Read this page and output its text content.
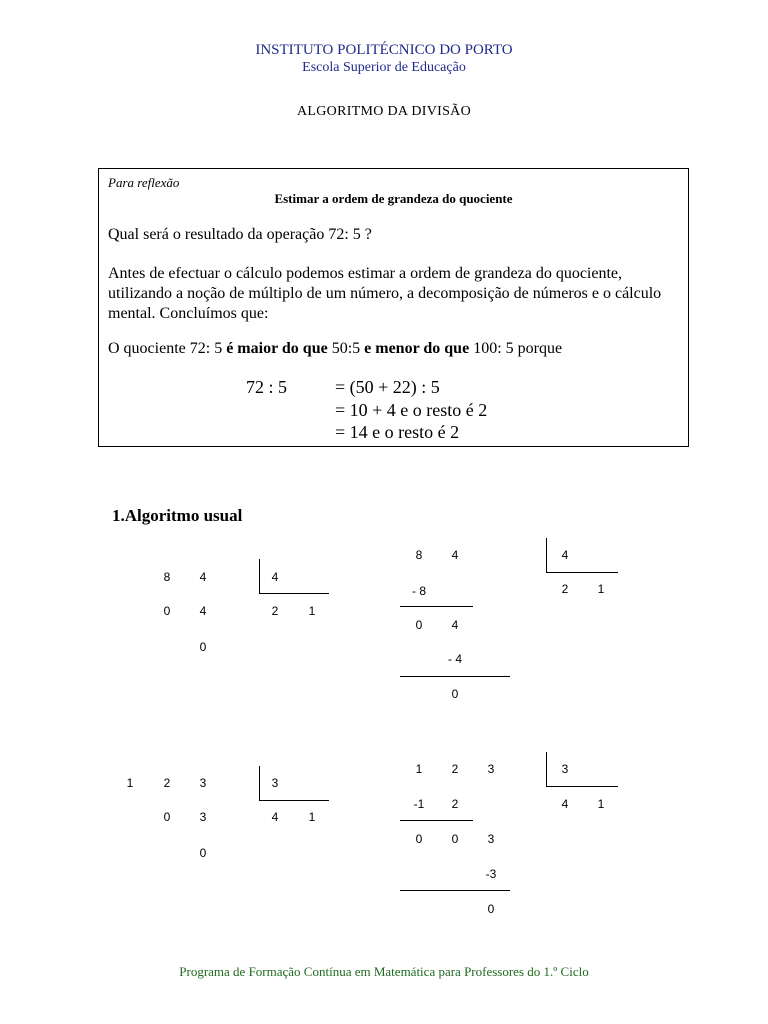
INSTITUTO POLITÉCNICO DO PORTO
Escola Superior de Educação
ALGORITMO DA DIVISÃO
Para reflexão
Estimar a ordem de grandeza do quociente
Qual será o resultado da operação 72: 5 ?
Antes de efectuar o cálculo podemos estimar a ordem de grandeza do quociente, utilizando a noção de múltiplo de um número, a decomposição de números e o cálculo mental. Concluímos que:
O quociente 72: 5 é maior do que 50:5 e menor do que 100: 5 porque
72 : 5	= (50 + 22) : 5
= 10 + 4 e o resto é 2
= 14 e o resto é 2
1.Algoritmo usual
8	4
0	4
0
4
2	1
8	4
- 8
0	4
- 4
0
4
2	1
1	2	3
0	3
0
3
4	1
1	2	3
-1	2
0	0	3
-3
0
3
4	1
Programa de Formação Contínua em Matemática para Professores do 1.º Ciclo
